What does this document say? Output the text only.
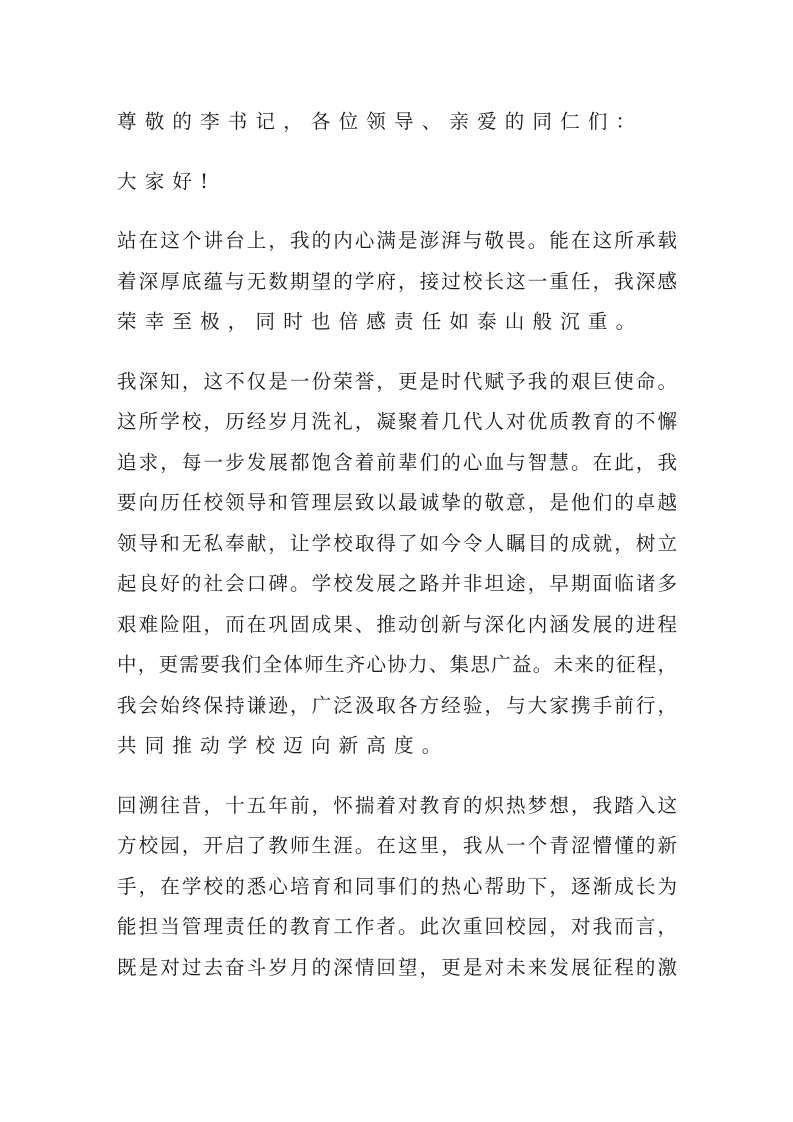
尊敬的李书记，各位领导、亲爱的同仁们：
大家好!
站在这个讲台上，我的内心满是澎湃与敬畏。能在这所承载
着深厚底蕴与无数期望的学府，接过校长这一重任，我深感
荣幸至极，同时也倍感责任如泰山般沉重。
我深知，这不仅是一份荣誉，更是时代赋予我的艰巨使命。
这所学校，历经岁月洗礼，凝聚着几代人对优质教育的不懈
追求，每一步发展都饱含着前辈们的心血与智慧。在此，我
要向历任校领导和管理层致以最诚挚的敬意，是他们的卓越
领导和无私奉献，让学校取得了如今令人瞩目的成就，树立
起良好的社会口碑。学校发展之路并非坦途，早期面临诸多
艰难险阻，而在巩固成果、推动创新与深化内涵发展的进程
中，更需要我们全体师生齐心协力、集思广益。未来的征程，
我会始终保持谦逊，广泛汲取各方经验，与大家携手前行，
共同推动学校迈向新高度。
回溯往昔，十五年前，怀揣着对教育的炽热梦想，我踏入这
方校园，开启了教师生涯。在这里，我从一个青涩懵懂的新
手，在学校的悉心培育和同事们的热心帮助下，逐渐成长为
能担当管理责任的教育工作者。此次重回校园，对我而言，
既是对过去奋斗岁月的深情回望，更是对未来发展征程的激
